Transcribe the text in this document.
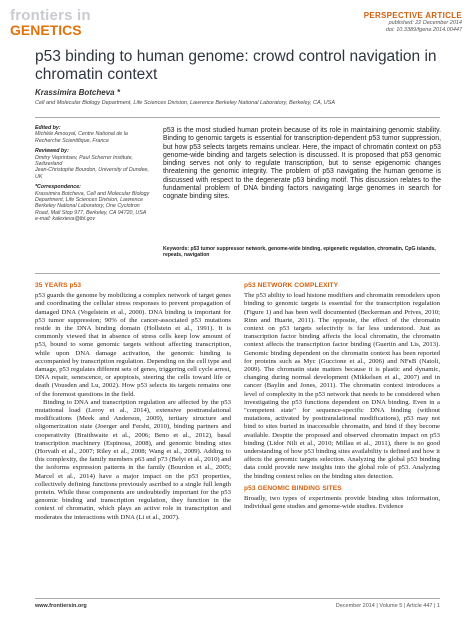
frontiers in
GENETICS
PERSPECTIVE ARTICLE
published: 22 December 2014
doi: 10.3389/fgene.2014.00447
p53 binding to human genome: crowd control navigation in chromatin context
Krassimira Botcheva *
Cell and Molecular Biology Department, Life Sciences Division, Lawrence Berkeley National Laboratory, Berkeley, CA, USA
Edited by:
Michèle Amouyal, Centre National de la Recherche Scientifique, France
Reviewed by:
Dmitry Veprintsev, Paul Scherrer Institute, Switzerland
Jean-Christophe Bourdon, University of Dundee, UK
*Correspondence:
Krassimira Botcheva, Cell and Molecular Biology Department, Life Sciences Division, Lawrence Berkeley National Laboratory, One Cyclotron Road, Mail Stop 977, Berkeley, CA 94720, USA
e-mail: kalexieva@lbl.gov
p53 is the most studied human protein because of its role in maintaining genomic stability. Binding to genomic targets is essential for transcription-dependent p53 tumor suppression, but how p53 selects targets remains unclear. Here, the impact of chromatin context on p53 genome-wide binding and targets selection is discussed. It is proposed that p53 genomic binding serves not only to regulate transcription, but to sense epigenomic changes threatening the genomic integrity. The problem of p53 navigating the human genome is discussed with respect to the degenerate p53 binding motif. This discussion relates to the fundamental problem of DNA binding factors navigating large genomes in search for cognate binding sites.
Keywords: p53 tumor suppressor network, genome-wide binding, epigenetic regulation, chromatin, CpG islands, repeats, navigation
35 YEARS p53

p53 guards the genome by mobilizing a complex network of target genes and coordinating the cellular stress responses to prevent propagation of damaged DNA (Vogelstein et al., 2000). DNA binding is important for p53 tumor suppression; 90% of the cancer-associated p53 mutations reside in the DNA binding domain (Hollstein et al., 1991). It is commonly viewed that in absence of stress cells keep low amount of p53, bound to some genomic targets without affecting transcription, while upon DNA damage activation, the genomic binding is accompanied by transcription regulation. Depending on the cell type and damage, p53 regulates different sets of genes, triggering cell cycle arrest, DNA repair, senescence, or apoptosis, steering the cells toward life or death (Vousden and Lu, 2002). How p53 selects its targets remains one of the foremost questions in the field.

Binding to DNA and transcription regulation are affected by the p53 mutational load (Leroy et al., 2014), extensive posttranslational modifications (Meek and Anderson, 2009), tertiary structure and oligomerization state (Joerger and Fersht, 2010), binding partners and cooperativity (Braithwaite et al., 2006; Beno et al., 2012), basal transcription machinery (Espinosa, 2008), and genomic binding sites (Horvath et al., 2007; Riley et al., 2008; Wang et al., 2009). Adding to this complexity, the family members p63 and p73 (Belyi et al., 2010) and the isoforms expression patterns in the family (Bourdon et al., 2005; Marcel et al., 2014) have a major impact on the p53 properties, collectively defining functions previously ascribed to a single full length protein. While these components are undoubtedly important for the p53 genomic binding and transcription regulation, they function in the context of chromatin, which plays an active role in transcription and moderates the interactions with DNA (Li et al., 2007).

p53 NETWORK COMPLEXITY

The p53 ability to load histone modifiers and chromatin remodelers upon binding to genomic targets is essential for the transcription regulation (Figure 1) and has been well documented (Beckerman and Prives, 2010; Rinn and Huarte, 2011). The opposite, the effect of the chromatin context on p53 targets selectivity is far less understood. Just as transcription factor binding affects the local chromatin, the chromatin context affects the transcription factor binding (Guertin and Lis, 2013). Genomic binding dependent on the chromatin context has been reported for proteins such as Myc (Guccione et al., 2006) and NFκB (Natoli, 2009). The chromatin state matters because it is plastic and dynamic, changing during normal development (Mikkelsen et al., 2007) and in cancer (Baylin and Jones, 2011). The chromatin context introduces a level of complexity in the p53 network that needs to be considered when investigating the p53 functions dependent on DNA binding. Even in a "competent state" for sequence-specific DNA binding (without mutations, activated by posttranslational modifications), p53 may not bind to sites buried in inaccessible chromatin, and bind if they become available. Despite the proposed and observed chromatin impact on p53 binding (Lidor Nili et al., 2010; Millau et al., 2011), there is no good understanding of how p53 binding sites availability is defined and how it affects the genomic targets selection. Analyzing the global p53 binding data could provide new insights into the global role of p53. Analyzing the binding context relies on the binding sites detection.

p53 GENOMIC BINDING SITES

Broadly, two types of experiments provide binding sites information, individual gene studies and genome-wide studies. Evidence

www.frontiersin.org	December 2014 | Volume 5 | Article 447 | 1
